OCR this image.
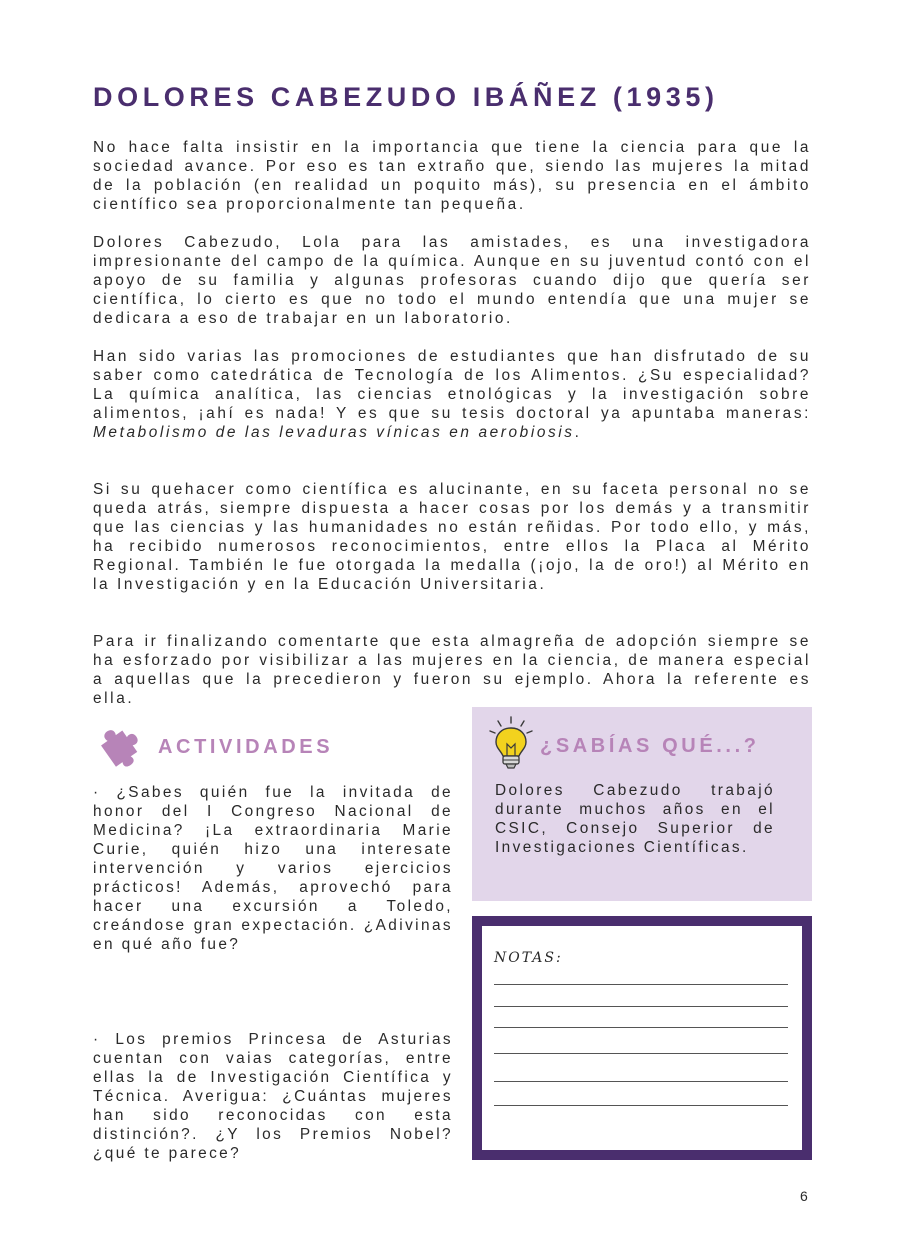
DOLORES CABEZUDO IBÁÑEZ (1935)

No hace falta insistir en la importancia que tiene la ciencia para que la sociedad avance. Por eso es tan extraño que, siendo las mujeres la mitad de la población (en realidad un poquito más), su presencia en el ámbito científico sea proporcionalmente tan pequeña.

Dolores Cabezudo, Lola para las amistades, es una investigadora impresionante del campo de la química. Aunque en su juventud contó con el apoyo de su familia y algunas profesoras cuando dijo que quería ser científica, lo cierto es que no todo el mundo entendía que una mujer se dedicara a eso de trabajar en un laboratorio.

Han sido varias las promociones de estudiantes que han disfrutado de su saber como catedrática de Tecnología de los Alimentos. ¿Su especialidad? La química analítica, las ciencias etnológicas y la investigación sobre alimentos, ¡ahí es nada! Y es que su tesis doctoral ya apuntaba maneras: Metabolismo de las levaduras vínicas en aerobiosis.

Si su quehacer como científica es alucinante, en su faceta personal no se queda atrás, siempre dispuesta a hacer cosas por los demás y a transmitir que las ciencias y las humanidades no están reñidas. Por todo ello, y más, ha recibido numerosos reconocimientos, entre ellos la Placa al Mérito Regional. También le fue otorgada la medalla (¡ojo, la de oro!) al Mérito en la Investigación y en la Educación Universitaria.

Para ir finalizando comentarte que esta almagreña de adopción siempre se ha esforzado por visibilizar a las mujeres en la ciencia, de manera especial a aquellas que la precedieron y fueron su ejemplo. Ahora la referente es ella.

ACTIVIDADES

· ¿Sabes quién fue la invitada de honor del I Congreso Nacional de Medicina? ¡La extraordinaria Marie Curie, quién hizo una interesate intervención y varios ejercicios prácticos! Además, aprovechó para hacer una excursión a Toledo, creándose gran expectación. ¿Adivinas en qué año fue?

· Los premios Princesa de Asturias cuentan con vaias categorías, entre ellas la de Investigación Científica y Técnica. Averigua: ¿Cuántas mujeres han sido reconocidas con esta distinción?. ¿Y los Premios Nobel?¿qué te parece?

¿SABÍAS QUÉ...?

Dolores Cabezudo trabajó durante muchos años en el CSIC, Consejo Superior de Investigaciones Científicas.

NOTAS:
6
